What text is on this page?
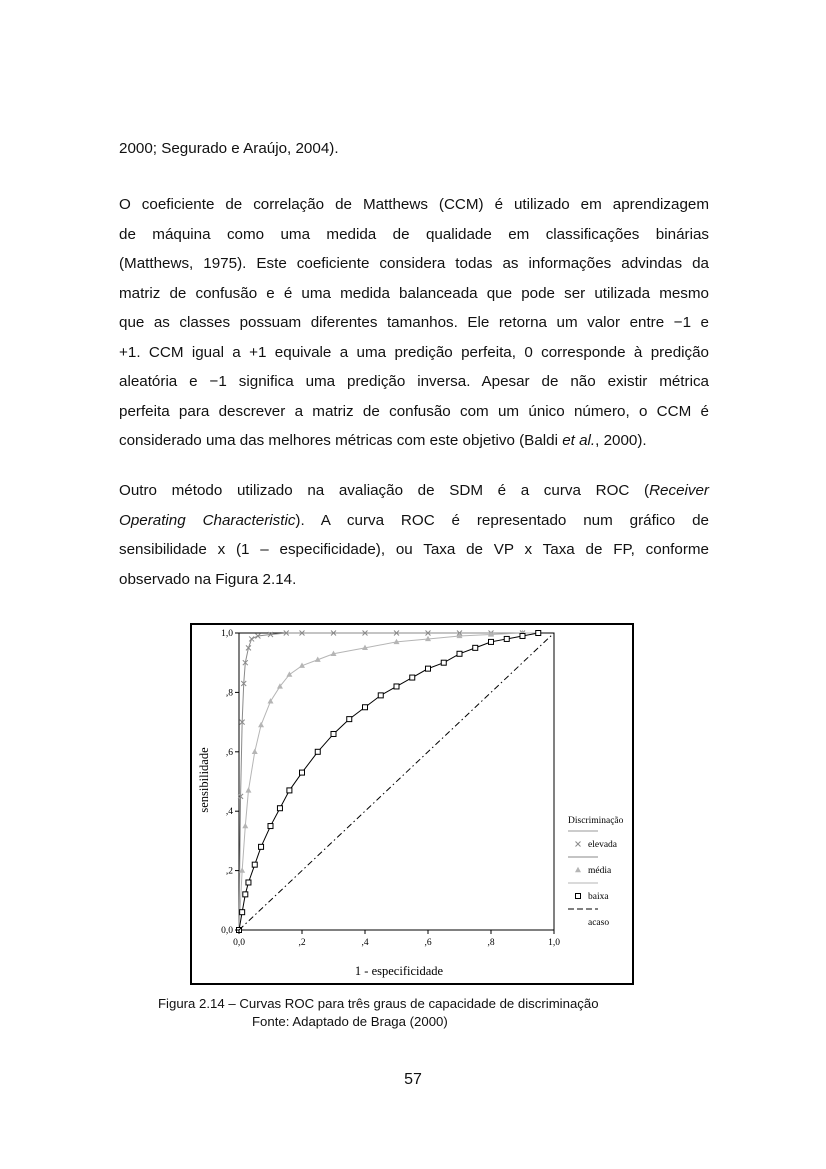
2000; Segurado e Araújo, 2004).
O coeficiente de correlação de Matthews (CCM) é utilizado em aprendizagem
de máquina como uma medida de qualidade em classificações binárias
(Matthews, 1975). Este coeficiente considera todas as informações advindas da
matriz de confusão e é uma medida balanceada que pode ser utilizada mesmo
que as classes possuam diferentes tamanhos. Ele retorna um valor entre −1 e
+1. CCM igual a +1 equivale a uma predição perfeita, 0 corresponde à predição
aleatória e −1 significa uma predição inversa. Apesar de não existir métrica
perfeita para descrever a matriz de confusão com um único número, o CCM é
considerado uma das melhores métricas com este objetivo (Baldi et al., 2000).
Outro método utilizado na avaliação de SDM é a curva ROC (Receiver
Operating Characteristic). A curva ROC é representado num gráfico de
sensibilidade x (1 – especificidade), ou Taxa de VP x Taxa de FP, conforme
observado na Figura 2.14.
0,0	,2	,4	,6	,8	1,0
0,0
,2
,4
,6
,8
1,0
1 - especificidade
sensibilidade
Discriminação
elevada
média
baixa
acaso
Figura 2.14 – Curvas ROC para três graus de capacidade de discriminação
Fonte: Adaptado de Braga (2000)
57
